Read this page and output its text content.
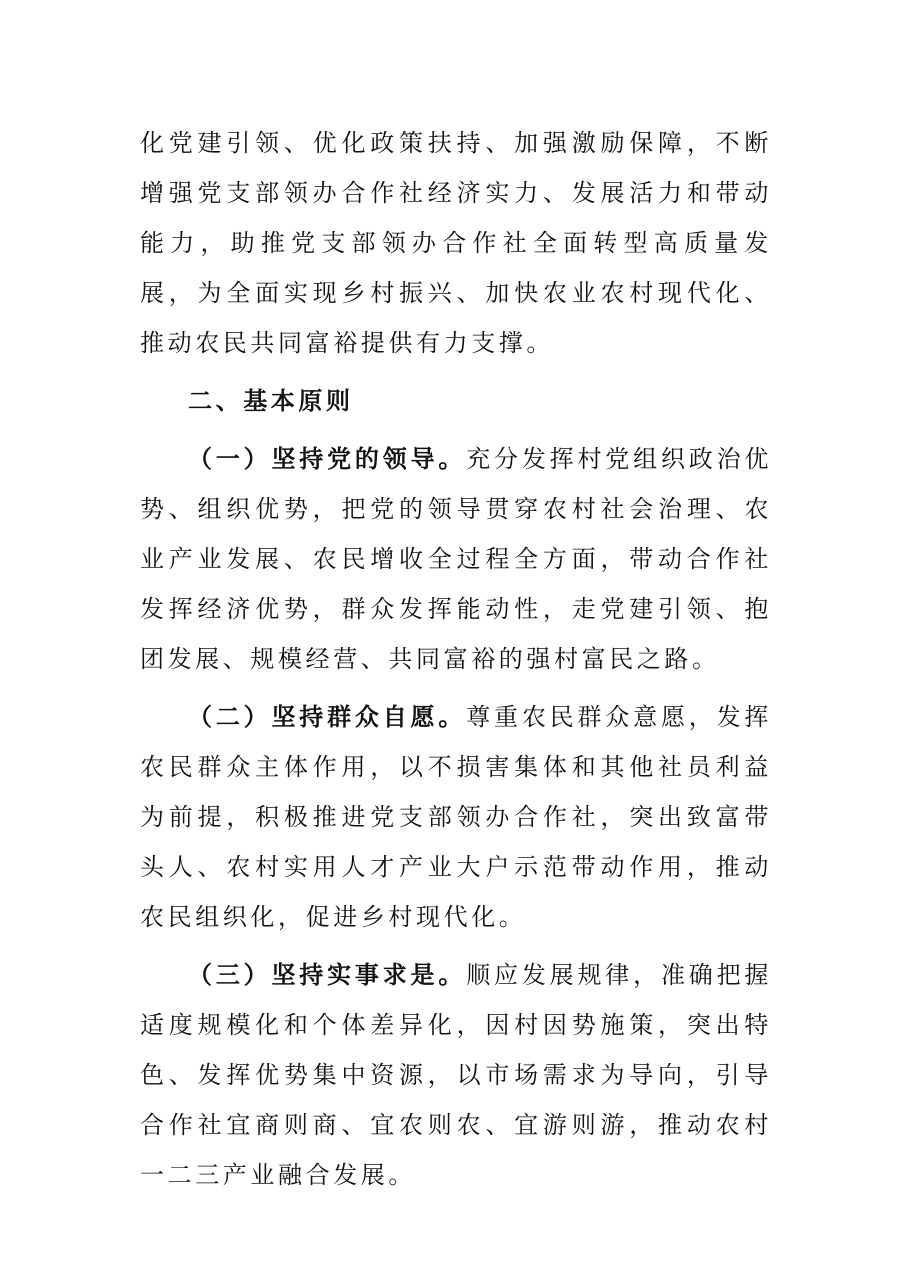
化党建引领、优化政策扶持、加强激励保障，不断增强党支部领办合作社经济实力、发展活力和带动能力，助推党支部领办合作社全面转型高质量发展，为全面实现乡村振兴、加快农业农村现代化、推动农民共同富裕提供有力支撑。

二、基本原则

（一）坚持党的领导。充分发挥村党组织政治优势、组织优势，把党的领导贯穿农村社会治理、农业产业发展、农民增收全过程全方面，带动合作社发挥经济优势，群众发挥能动性，走党建引领、抱团发展、规模经营、共同富裕的强村富民之路。

（二）坚持群众自愿。尊重农民群众意愿，发挥农民群众主体作用，以不损害集体和其他社员利益为前提，积极推进党支部领办合作社，突出致富带头人、农村实用人才产业大户示范带动作用，推动农民组织化，促进乡村现代化。

（三）坚持实事求是。顺应发展规律，准确把握适度规模化和个体差异化，因村因势施策，突出特色、发挥优势集中资源，以市场需求为导向，引导合作社宜商则商、宜农则农、宜游则游，推动农村一二三产业融合发展。
